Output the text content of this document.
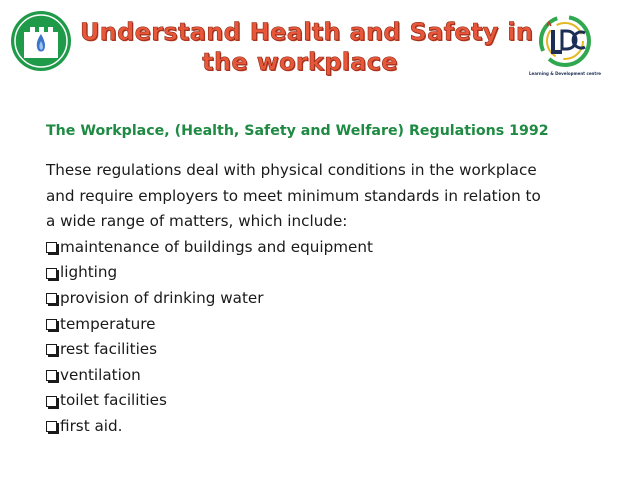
Understand Health and Safety in
the workplace	Learning & Development centre
The Workplace, (Health, Safety and Welfare) Regulations 1992

These regulations deal with physical conditions in the workplace
and require employers to meet minimum standards in relation to
a wide range of matters, which include:

maintenance of buildings and equipment
lighting
provision of drinking water
temperature
rest facilities
ventilation
toilet facilities
first aid.
